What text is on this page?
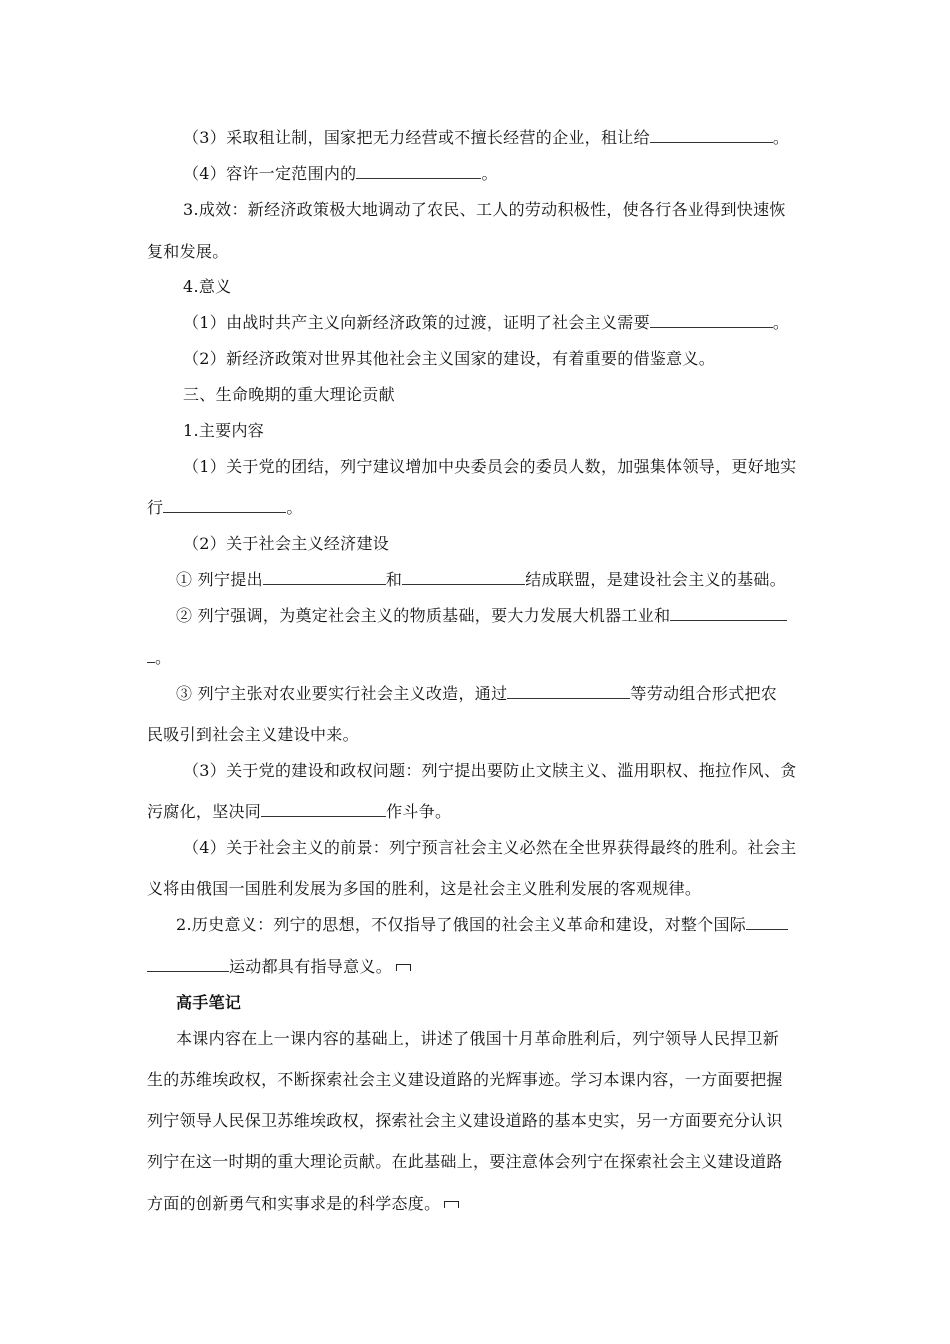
（3）采取租让制，国家把无力经营或不擅长经营的企业，租让给	。
（4）容许一定范围内的	。
3.成效：新经济政策极大地调动了农民、工人的劳动积极性，使各行各业得到快速恢
复和发展。
4.意义
（1）由战时共产主义向新经济政策的过渡，证明了社会主义需要	。
（2）新经济政策对世界其他社会主义国家的建设，有着重要的借鉴意义。
三、生命晚期的重大理论贡献
1.主要内容
（1）关于党的团结，列宁建议增加中央委员会的委员人数，加强集体领导，更好地实
行	。
（2）关于社会主义经济建设
① 列宁提出	和	结成联盟，是建设社会主义的基础。
② 列宁强调，为奠定社会主义的物质基础，要大力发展大机器工业和
。
③ 列宁主张对农业要实行社会主义改造，通过	等劳动组合形式把农
民吸引到社会主义建设中来。
（3）关于党的建设和政权问题：列宁提出要防止文牍主义、滥用职权、拖拉作风、贪
污腐化，坚决同	作斗争。
（4）关于社会主义的前景：列宁预言社会主义必然在全世界获得最终的胜利。社会主
义将由俄国一国胜利发展为多国的胜利，这是社会主义胜利发展的客观规律。
2.历史意义：列宁的思想，不仅指导了俄国的社会主义革命和建设，对整个国际
运动都具有指导意义。
高手笔记
本课内容在上一课内容的基础上，讲述了俄国十月革命胜利后，列宁领导人民捍卫新
生的苏维埃政权，不断探索社会主义建设道路的光辉事迹。学习本课内容，一方面要把握
列宁领导人民保卫苏维埃政权，探索社会主义建设道路的基本史实，另一方面要充分认识
列宁在这一时期的重大理论贡献。在此基础上，要注意体会列宁在探索社会主义建设道路
方面的创新勇气和实事求是的科学态度。
